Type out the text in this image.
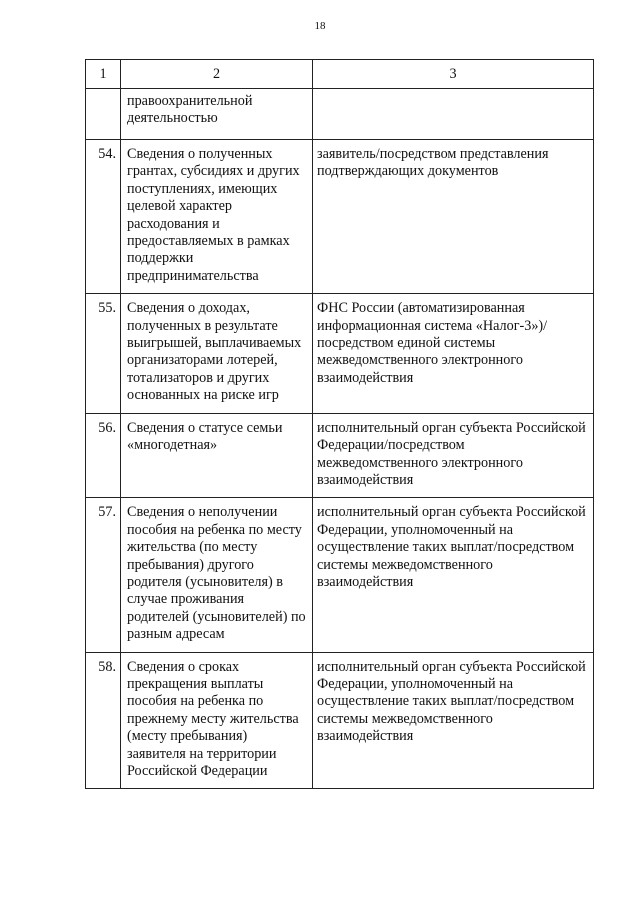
18
1	2	3
	правоохранительной деятельностью	
54.	Сведения о полученных грантах, субсидиях и других поступлениях, имеющих целевой характер расходования и предоставляемых в рамках поддержки предпринимательства	заявитель/посредством представления подтверждающих документов
55.	Сведения о доходах, полученных в результате выигрышей, выплачиваемых организаторами лотерей, тотализаторов и других основанных на риске игр	ФНС России (автоматизированная информационная система «Налог-3»)/ посредством единой системы межведомственного электронного взаимодействия
56.	Сведения о статусе семьи «многодетная»	исполнительный орган субъекта Российской Федерации/посредством межведомственного электронного взаимодействия
57.	Сведения о неполучении пособия на ребенка по месту жительства (по месту пребывания) другого родителя (усыновителя) в случае проживания родителей (усыновителей) по разным адресам	исполнительный орган субъекта Российской Федерации, уполномоченный на осуществление таких выплат/посредством системы межведомственного взаимодействия
58.	Сведения о сроках прекращения выплаты пособия на ребенка по прежнему месту жительства (месту пребывания) заявителя на территории Российской Федерации	исполнительный орган субъекта Российской Федерации, уполномоченный на осуществление таких выплат/посредством системы межведомственного взаимодействия
